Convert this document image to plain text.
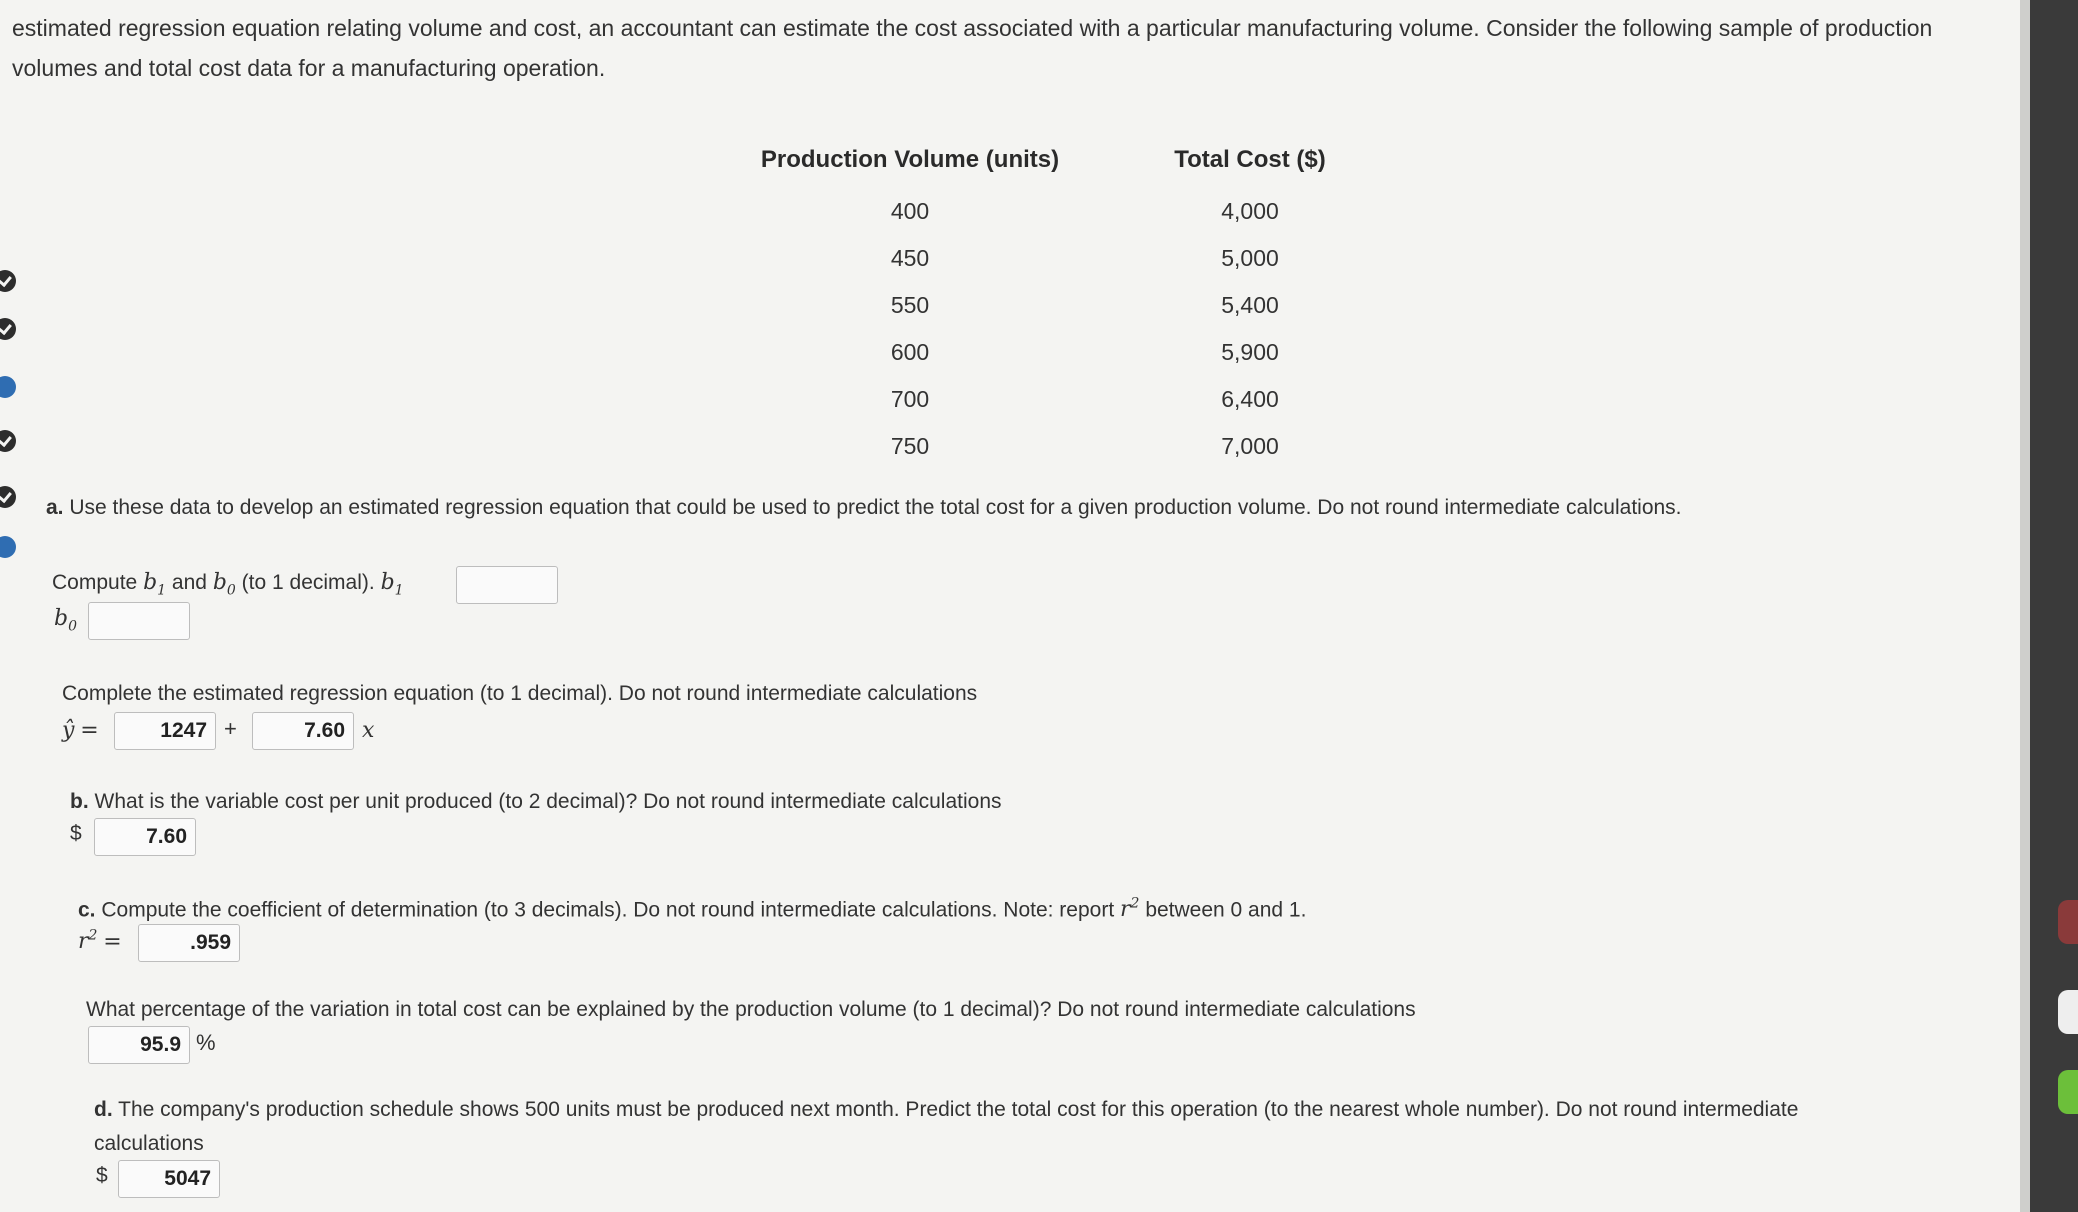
estimated regression equation relating volume and cost, an accountant can estimate the cost associated with a particular manufacturing volume. Consider the following sample of production volumes and total cost data for a manufacturing operation.
Production Volume (units)	Total Cost ($)
400	4,000
450	5,000
550	5,400
600	5,900
700	6,400
750	7,000
a. Use these data to develop an estimated regression equation that could be used to predict the total cost for a given production volume. Do not round intermediate calculations.
Compute $b_1$ and $b_0$ (to 1 decimal). $b_1$
$b_0$
Complete the estimated regression equation (to 1 decimal). Do not round intermediate calculations
ŷ =	1247 +	7.60 x
b. What is the variable cost per unit produced (to 2 decimal)? Do not round intermediate calculations
$	7.60
c. Compute the coefficient of determination (to 3 decimals). Do not round intermediate calculations. Note: report $r^2$ between 0 and 1.
$r^2$ =	.959
What percentage of the variation in total cost can be explained by the production volume (to 1 decimal)? Do not round intermediate calculations
95.9 %
d. The company's production schedule shows 500 units must be produced next month. Predict the total cost for this operation (to the nearest whole number). Do not round intermediate
calculations
$	5047
